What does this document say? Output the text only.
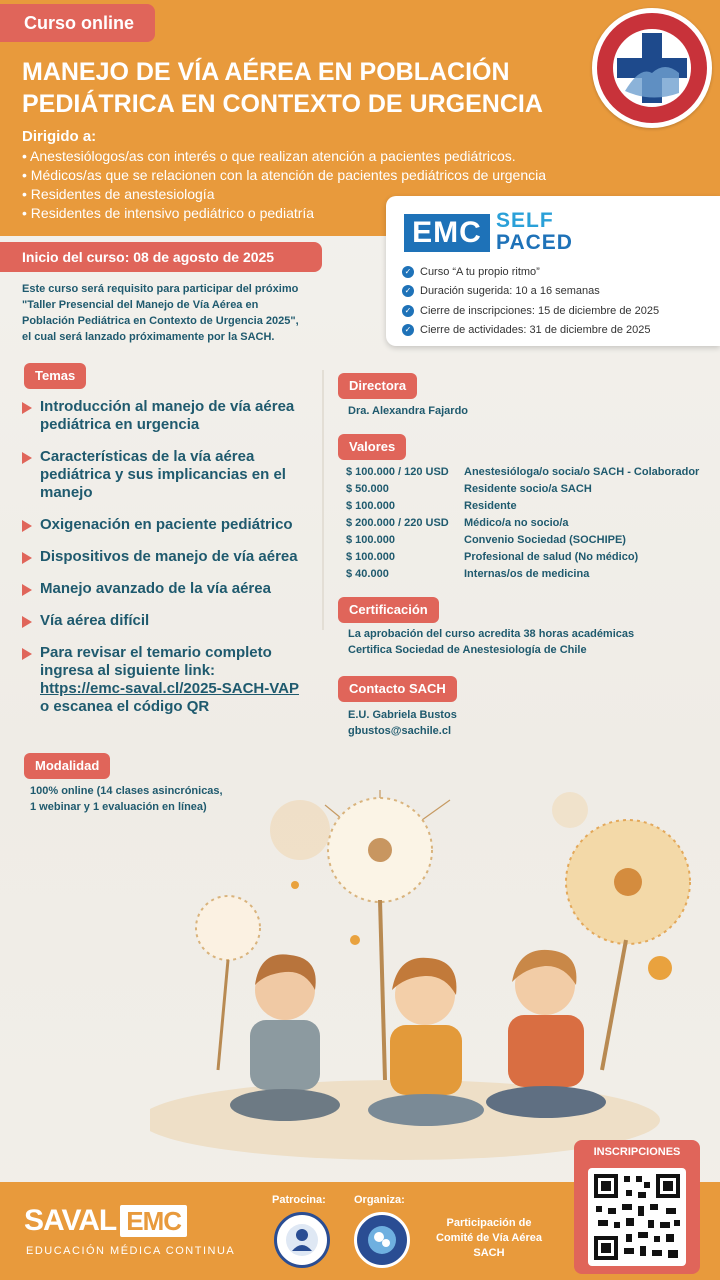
Curso online
MANEJO DE VÍA AÉREA EN POBLACIÓN
PEDIÁTRICA EN CONTEXTO DE URGENCIA
Dirigido a:
• Anestesiólogos/as con interés o que realizan atención a pacientes pediátricos.
• Médicos/as que se relacionen con la atención de pacientes pediátricos de urgencia
• Residentes de anestesiología
• Residentes de intensivo pediátrico o pediatría
EMC SELF
PACED
✓ Curso “A tu propio ritmo”
✓ Duración sugerida: 10 a 16 semanas
✓ Cierre de inscripciones: 15 de diciembre de 2025
✓ Cierre de actividades: 31 de diciembre de 2025
Inicio del curso: 08 de agosto de 2025
Este curso será requisito para participar del próximo
"Taller Presencial del Manejo de Vía Aérea en
Población Pediátrica en Contexto de Urgencia 2025",
el cual será lanzado próximamente por la SACH.
Temas
Introducción al manejo de vía aérea
pediátrica en urgencia
Características de la vía aérea
pediátrica y sus implicancias en el
manejo
Oxigenación en paciente pediátrico
Dispositivos de manejo de vía aérea
Manejo avanzado de la vía aérea
Vía aérea difícil
Para revisar el temario completo
ingresa al siguiente link:
https://emc-saval.cl/2025-SACH-VAP
o escanea el código QR
Modalidad
100% online (14 clases asincrónicas,
1 webinar y 1 evaluación en línea)
Directora
Dra. Alexandra Fajardo
Valores
$ 100.000 / 120 USD	Anestesióloga/o socia/o SACH - Colaborador
$ 50.000	Residente socio/a SACH
$ 100.000	Residente
$ 200.000 / 220 USD	Médico/a no socio/a
$ 100.000	Convenio Sociedad (SOCHIPE)
$ 100.000	Profesional de salud (No médico)
$ 40.000	Internas/os de medicina
Certificación
La aprobación del curso acredita 38 horas académicas
Certifica Sociedad de Anestesiología de Chile
Contacto SACH
E.U. Gabriela Bustos
gbustos@sachile.cl
SAVAL EMC
EDUCACIÓN MÉDICA CONTINUA
Patrocina:	Organiza:
Participación de Comité de Vía Aérea SACH
INSCRIPCIONES
